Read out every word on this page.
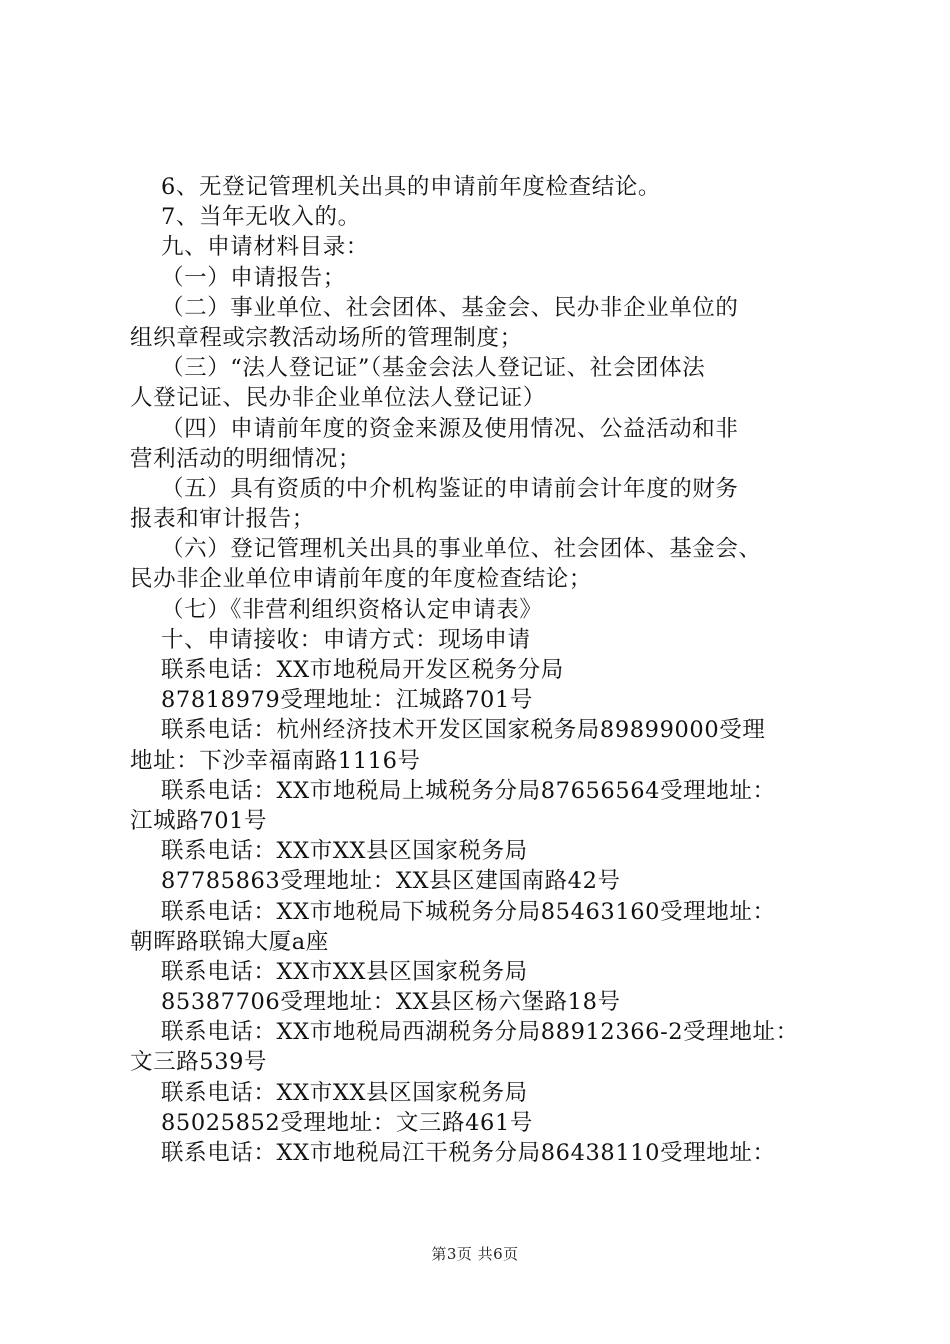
6、无登记管理机关出具的申请前年度检查结论。
7、当年无收入的。
九、申请材料目录：
（一）申请报告；
（二）事业单位、社会团体、基金会、民办非企业单位的
组织章程或宗教活动场所的管理制度；
（三）“法人登记证”（基金会法人登记证、社会团体法
人登记证、民办非企业单位法人登记证）
（四）申请前年度的资金来源及使用情况、公益活动和非
营利活动的明细情况；
（五）具有资质的中介机构鉴证的申请前会计年度的财务
报表和审计报告；
（六）登记管理机关出具的事业单位、社会团体、基金会、
民办非企业单位申请前年度的年度检查结论；
（七）《非营利组织资格认定申请表》
十、申请接收：申请方式：现场申请
联系电话：XX市地税局开发区税务分局
87818979受理地址：江城路701号
联系电话：杭州经济技术开发区国家税务局89899000受理
地址：下沙幸福南路1116号
联系电话：XX市地税局上城税务分局87656564受理地址：
江城路701号
联系电话：XX市XX县区国家税务局
87785863受理地址：XX县区建国南路42号
联系电话：XX市地税局下城税务分局85463160受理地址：
朝晖路联锦大厦a座
联系电话：XX市XX县区国家税务局
85387706受理地址：XX县区杨六堡路18号
联系电话：XX市地税局西湖税务分局88912366-2受理地址：
文三路539号
联系电话：XX市XX县区国家税务局
85025852受理地址：文三路461号
联系电话：XX市地税局江干税务分局86438110受理地址：
第3页 共6页
